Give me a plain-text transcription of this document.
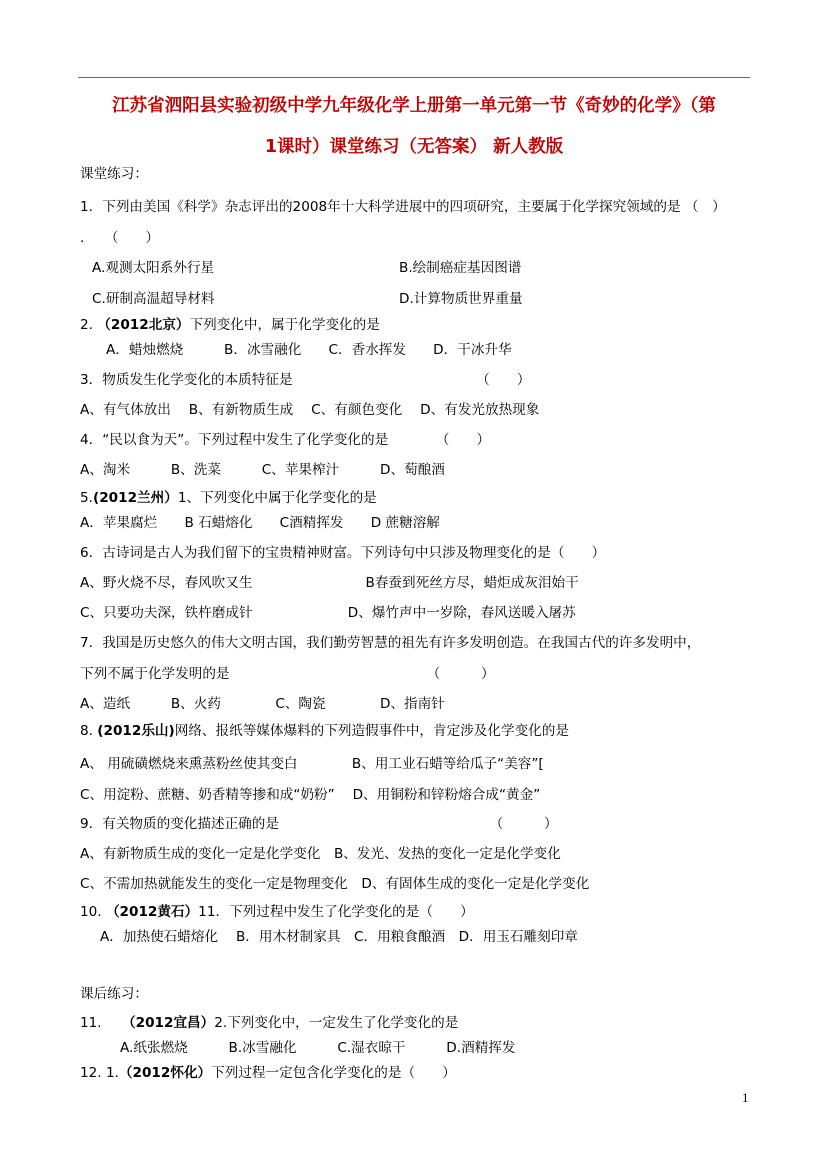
江苏省泗阳县实验初级中学九年级化学上册第一单元第一节《奇妙的化学》（第
1课时）课堂练习（无答案） 新人教版
课堂练习：
课后练习：
1．下列由美国《科学》杂志评出的2008年十大科学进展中的四项研究，主要属于化学探究领域的是 （　）
.　　（　　）
A.观测太阳系外行星	B.绘制癌症基因图谱
C.研制高温超导材料	D.计算物质世界重量
2. （2012北京）下列变化中，属于化学变化的是
A．蜡烛燃烧　　　B．冰雪融化　　C．香水挥发　　D．干冰升华
3．物质发生化学变化的本质特征是　　　　　　　　　　　　　　（　　）
A、有气体放出　 B、有新物质生成　 C、有颜色变化　 D、有发光放热现象
4．“民以食为天”。下列过程中发生了化学变化的是　　　　（　　）
A、淘米　　　B、洗菜　　　C、苹果榨汁　　　D、萄酿酒
5.(2012兰州）1、下列变化中属于化学变化的是
A．苹果腐烂　　B 石蜡熔化　　C酒精挥发　　D 蔗糖溶解
6．古诗词是古人为我们留下的宝贵精神财富。下列诗句中只涉及物理变化的是（　　）
A、野火烧不尽，春风吹又生　　　　　　 　　B春蚕到死丝方尽，蜡炬成灰泪始干
C、只要功夫深，铁杵磨成针　　　　　　　D、爆竹声中一岁除，春风送暖入屠苏
7．我国是历史悠久的伟大文明古国，我们勤劳智慧的祖先有许多发明创造。在我国古代的许多发明中，
下列不属于化学发明的是　　　　　　　　　　　　　　　（　　　）
A、造纸　　　B、火药　　　　C、陶瓷　　　　D、指南针
8. (2012乐山)网络、报纸等媒体爆料的下列造假事件中，肯定涉及化学变化的是
A、 用硫磺燃烧来熏蒸粉丝使其变白　　　　B、用工业石蜡等给瓜子“美容”[
C、用淀粉、蔗糖、奶香精等掺和成“奶粉”　 D、用铜粉和锌粉熔合成“黄金”
9．有关物质的变化描述正确的是　　　　　　　　　　　　　　　　（　　　）
A、有新物质生成的变化一定是化学变化　B、发光、发热的变化一定是化学变化
C、不需加热就能发生的变化一定是物理变化　D、有固体生成的变化一定是化学变化
10. （2012黄石）11．下列过程中发生了化学变化的是（　　）
A．加热使石蜡熔化　 B．用木材制家具　C．用粮食酿酒　D．用玉石雕刻印章
11.　　（2012宜昌）2.下列变化中，一定发生了化学变化的是
A.纸张燃烧　　　B.冰雪融化　　　C.湿衣晾干　　　D.酒精挥发
12. 1.（2012怀化）下列过程一定包含化学变化的是（　　）
1
